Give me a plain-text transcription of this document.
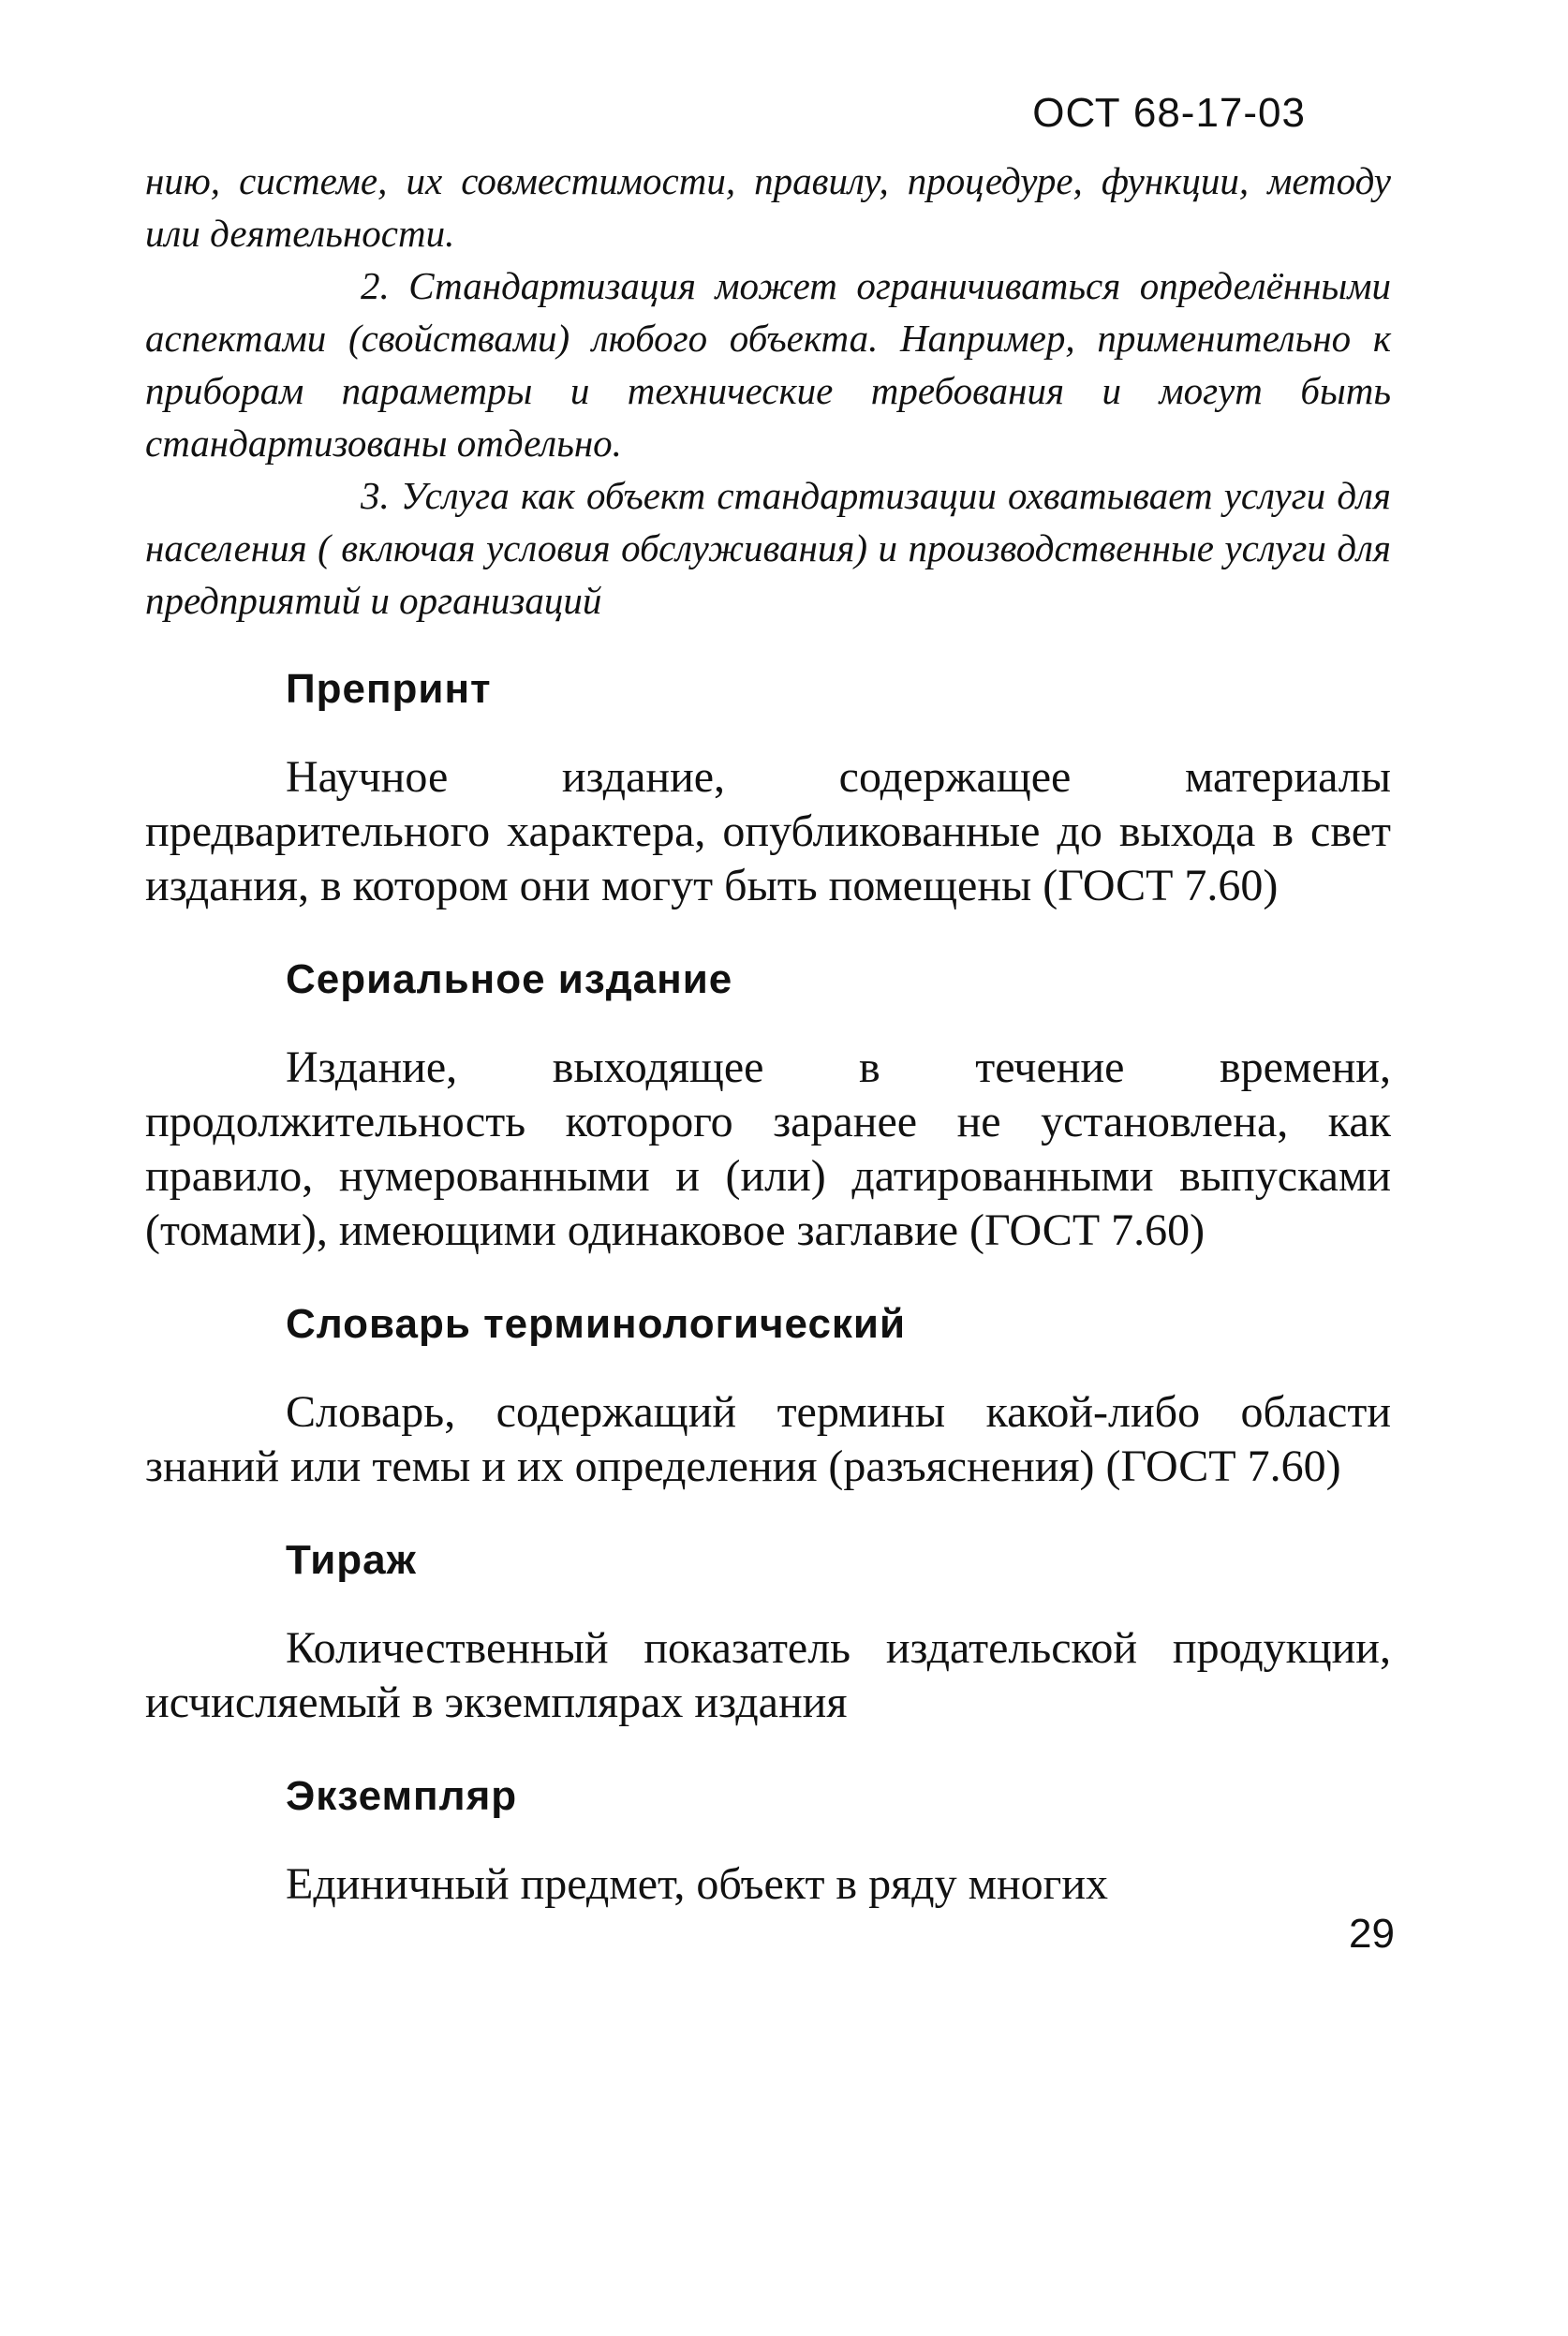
ОСТ 68-17-03

нию, системе, их совместимости, правилу, процедуре, функции, методу или деятельности.

2. Стандартизация может ограничиваться определёнными аспектами (свойствами) любого объекта. Например, применительно к приборам параметры и технические требования и могут быть стандартизованы отдельно.

3. Услуга как объект стандартизации охватывает услуги для населения ( включая условия обслуживания) и производственные услуги для предприятий и организаций

Препринт

Научное издание, содержащее материалы предварительного характера, опубликованные до выхода в свет издания, в котором они могут быть помещены (ГОСТ 7.60)

Сериальное издание

Издание, выходящее в течение времени, продолжительность которого заранее не установлена, как правило, нумерованными и (или) датированными выпусками (томами), имеющими одинаковое заглавие (ГОСТ 7.60)

Словарь терминологический

Словарь, содержащий термины какой-либо области знаний или темы и их определения (разъяснения) (ГОСТ 7.60)

Тираж

Количественный показатель издательской продукции, исчисляемый в экземплярах издания

Экземпляр

Единичный предмет, объект в ряду многих

29
